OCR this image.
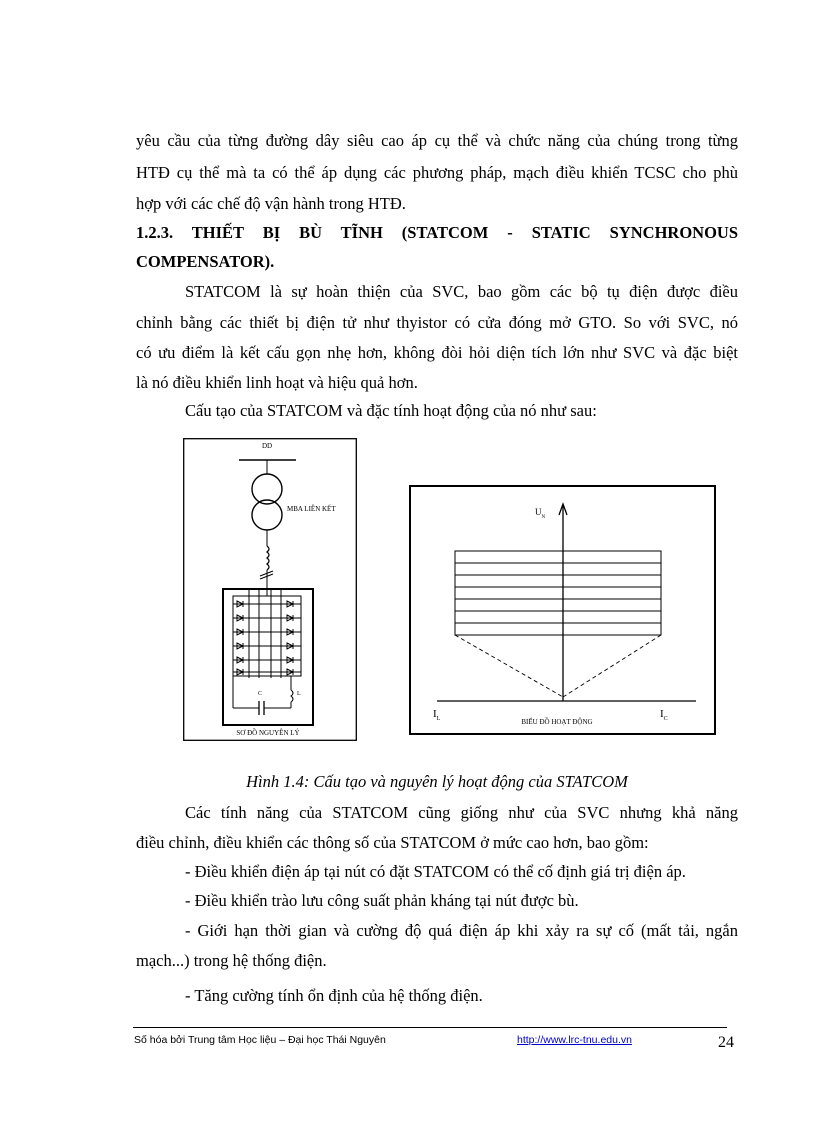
yêu cầu của từng đường dây siêu cao áp cụ thể và chức năng của chúng trong từng
HTĐ cụ thể mà ta có thể áp dụng các phương pháp, mạch điều khiển TCSC cho phù
hợp với các chế độ vận hành trong HTĐ.
1.2.3. THIẾT BỊ BÙ TĨNH (STATCOM - STATIC SYNCHRONOUS
COMPENSATOR).
STATCOM là sự hoàn thiện của SVC, bao gồm các bộ tụ điện được điều
chỉnh bằng các thiết bị điện tử như thyistor có cửa đóng mở GTO. So với SVC, nó
có ưu điểm là kết cấu gọn nhẹ hơn, không đòi hỏi diện tích lớn như SVC và đặc biệt
là nó điều khiển linh hoạt và hiệu quả hơn.
Cấu tạo của STATCOM và đặc tính hoạt động của nó như sau:
DD
MBA LIÊN KẾT
C	L
SƠ ĐỒ NGUYÊN LÝ
$U_N$
$I_L$	$I_C$
BIỂU ĐỒ HOẠT ĐỘNG
Hình 1.4: Cấu tạo và nguyên lý hoạt động của STATCOM
Các tính năng của STATCOM cũng giống như của SVC nhưng khả năng
điều chỉnh, điều khiển các thông số của STATCOM ở mức cao hơn, bao gồm:
- Điều khiển điện áp tại nút có đặt STATCOM có thể cố định giá trị điện áp.
- Điều khiển trào lưu công suất phản kháng tại nút được bù.
- Giới hạn thời gian và cường độ quá điện áp khi xảy ra sự cố (mất tải, ngắn
mạch...) trong hệ thống điện.
- Tăng cường tính ổn định của hệ thống điện.
Số hóa bởi Trung tâm Học liệu – Đại học Thái Nguyên	http://www.lrc-tnu.edu.vn	24
